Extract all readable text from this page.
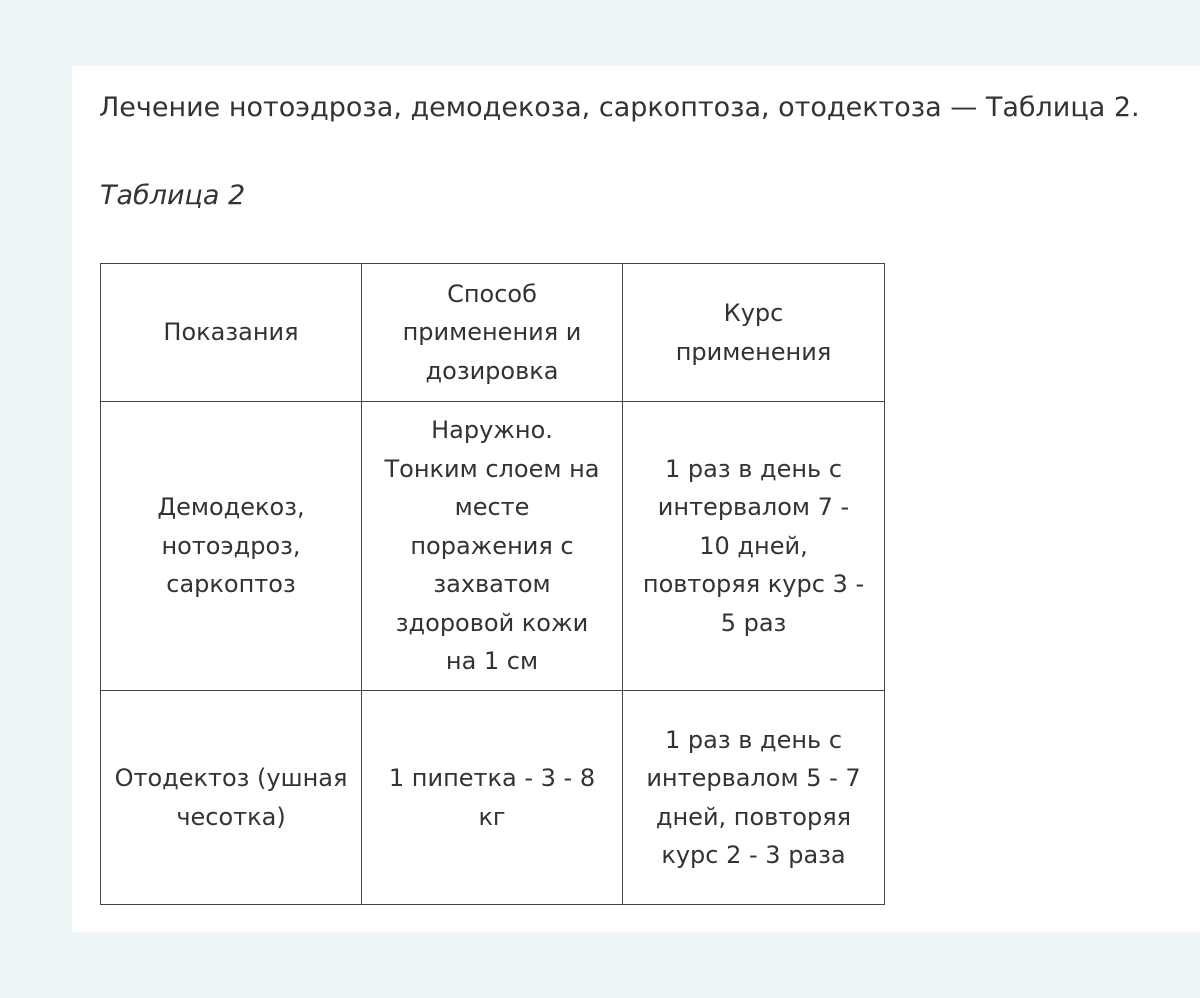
Лечение нотоэдроза, демодекоза, саркоптоза, отодектоза — Таблица 2.

Таблица 2

Показания	Способ применения и дозировка	Курс применения

Демодекоз, нотоэдроз, саркоптоз	Наружно. Тонким слоем на месте поражения с захватом здоровой кожи на 1 см	1 раз в день с интервалом 7 - 10 дней, повторяя курс 3 - 5 раз

Отодектоз (ушная чесотка)	1 пипетка - 3 - 8 кг	1 раз в день с интервалом 5 - 7 дней, повторяя курс 2 - 3 раза
